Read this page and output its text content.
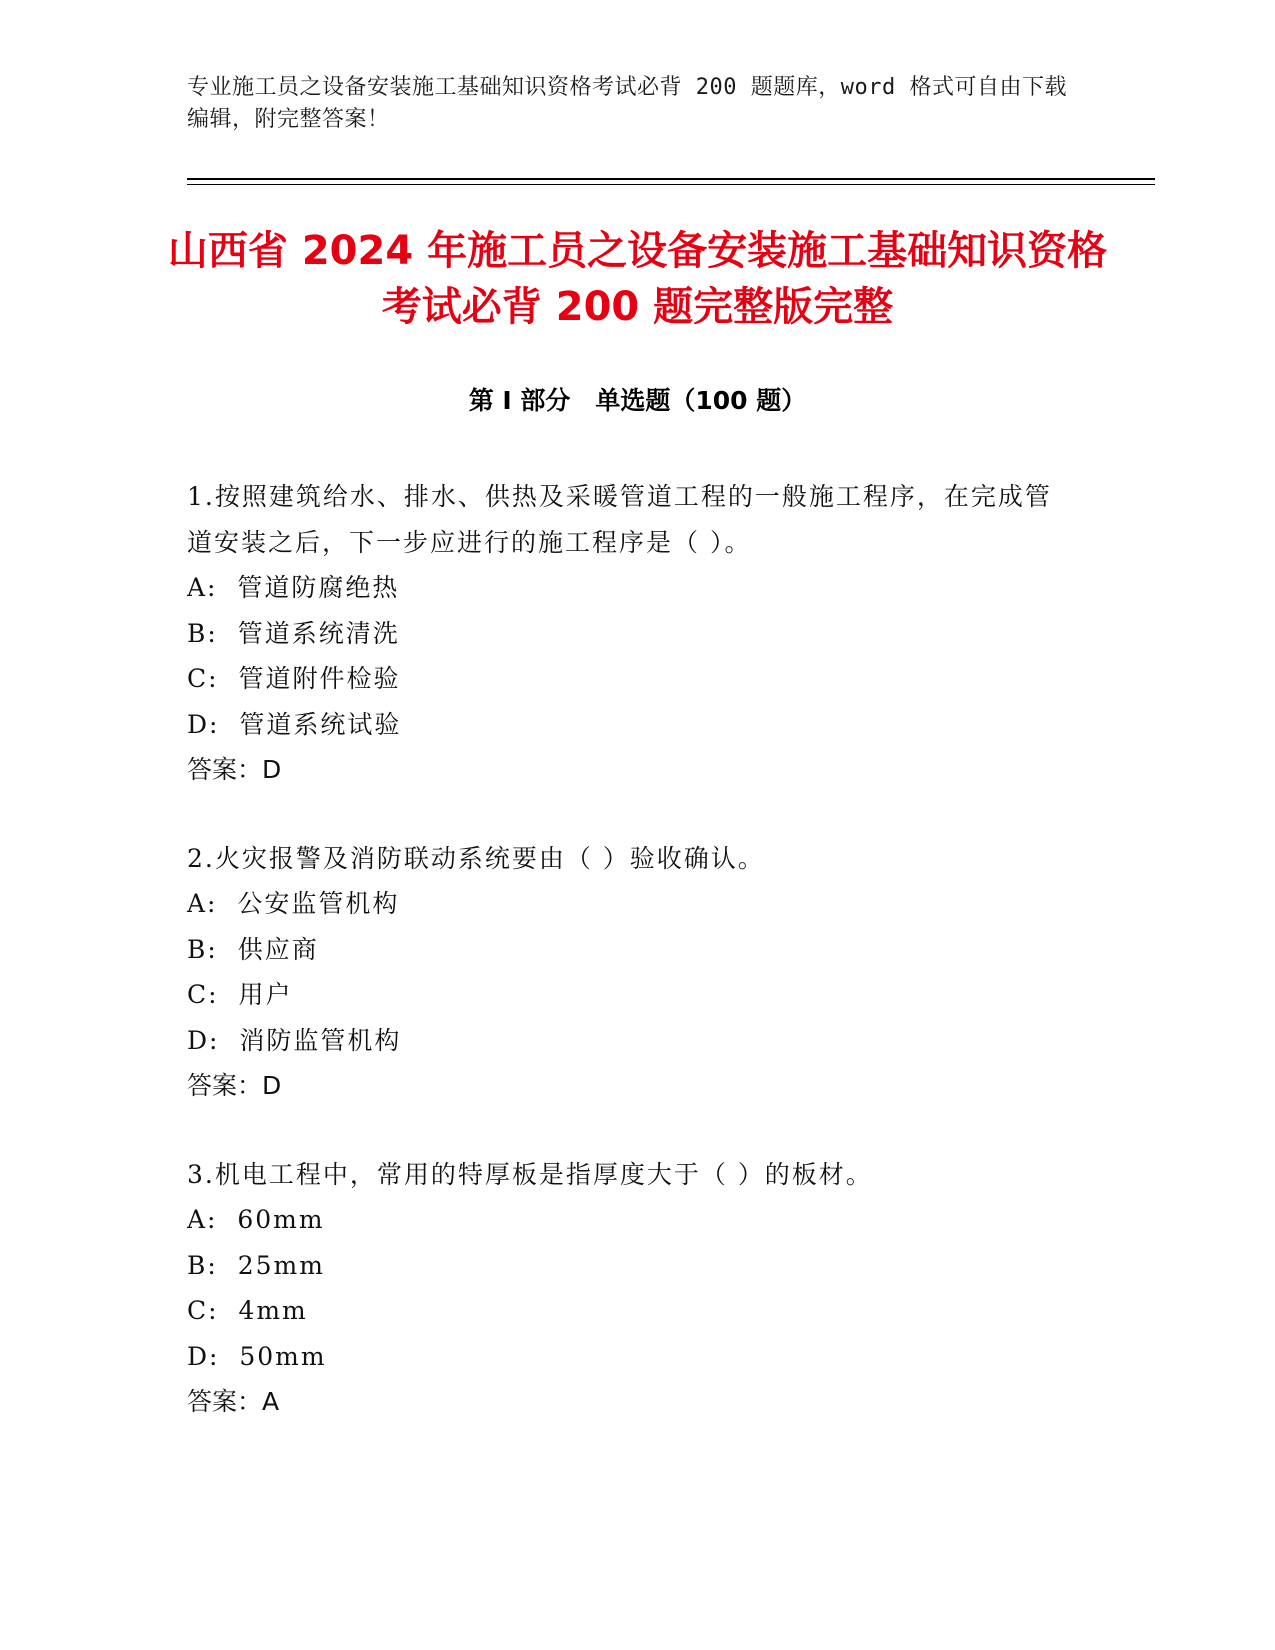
专业施工员之设备安装施工基础知识资格考试必背 200 题题库，word 格式可自由下载编辑，附完整答案！
山西省 2024 年施工员之设备安装施工基础知识资格考试必背 200 题完整版完整
第 I 部分　单选题（100 题）
1.按照建筑给水、排水、供热及采暖管道工程的一般施工程序，在完成管道安装之后，下一步应进行的施工程序是（ ）。
A:  管道防腐绝热
B:  管道系统清洗
C:  管道附件检验
D:  管道系统试验
答案：D
2.火灾报警及消防联动系统要由（ ）验收确认。
A:  公安监管机构
B:  供应商
C:  用户
D:  消防监管机构
答案：D
3.机电工程中，常用的特厚板是指厚度大于（ ）的板材。
A:  60mm
B:  25mm
C:  4mm
D:  50mm
答案：A
